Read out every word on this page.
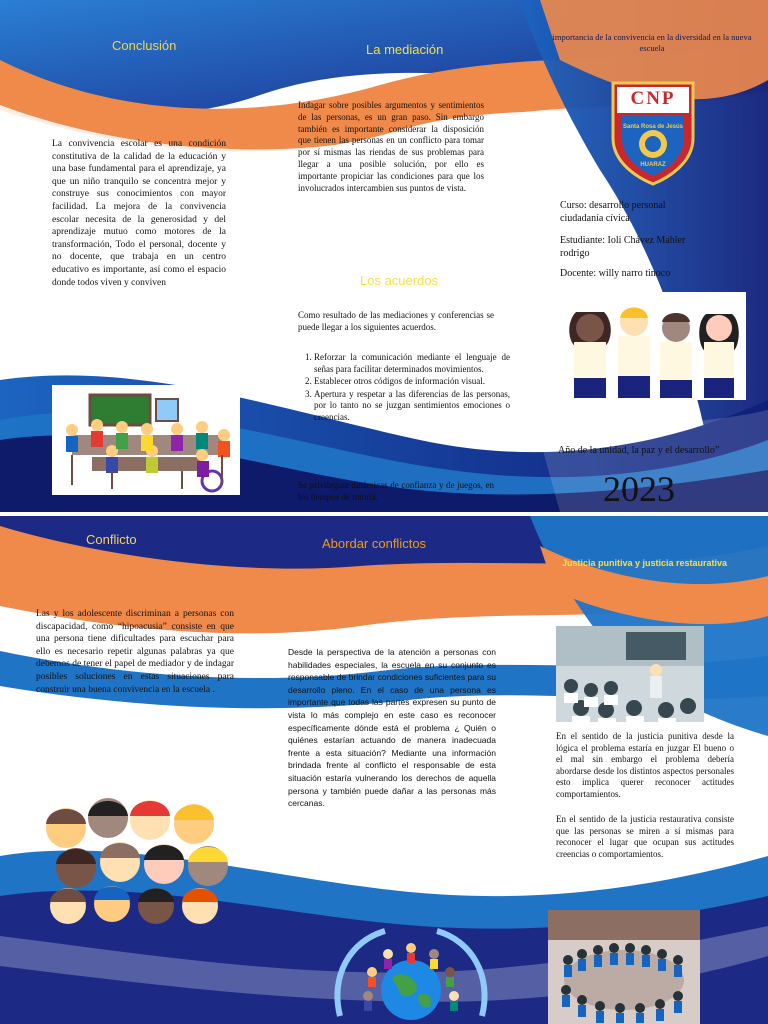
Conclusión
La convivencia escolar es una condición constitutiva de la calidad de la educación y una base fundamental para el aprendizaje, ya que un niño tranquilo se concentra mejor y construye sus conocimientos con mayor facilidad. La mejora de la convivencia escolar necesita de la generosidad y del aprendizaje mutuo como motores de la transformación, Todo el personal, docente y no docente, que trabaja en un centro educativo es importante, así como el espacio donde todos viven y conviven
La mediación
Indagar sobre posibles argumentos y sentimientos de las personas, es un gran paso. Sin embargo también es importante considerar la disposición que tienen las personas en un conflicto para tomar por sí mismas las riendas de sus problemas para llegar a una posible solución, por ello es importante propiciar las condiciones para que los involucrados intercambien sus puntos de vista.
Los acuerdos
Como resultado de las mediaciones y conferencias se puede llegar a los siguientes acuerdos.
1. Reforzar la comunicación mediante el lenguaje de señas para facilitar determinados movimientos.
2. Establecer otros códigos de información visual.
3. Apertura y respetar a las diferencias de las personas, por lo tanto no se juzgan sentimientos emociones o creencias.
Se privilegian dinámicas de confianza y de juegos, en los tiempos de tutoría.
importancia de la convivencia en la diversidad en la nueva escuela
CNP
Santa Rosa de Jesús
HUARAZ
Curso: desarrollo personal ciudadanía cívica
Estudiante: Ioli Chávez Mahler rodrigo
Docente: willy narro tinoco
Año de la unidad, la paz y el desarrollo”
2023
Conflicto
Las y los adolescente discriminan a personas con discapacidad, como “hipoacusia” consiste en que una persona tiene dificultades para escuchar para ello es necesario repetir algunas palabras ya que debemos de tener el papel de mediador y de indagar posibles soluciones en estas situaciones para construir una buena convivencia en la escuela .
Abordar conflictos
Desde la perspectiva de la atención a personas con habilidades especiales, la escuela en su conjunto es responsable de brindar condiciones suficientes para su desarrollo pleno. En el caso de una persona es importante que todas las partes expresen su punto de vista lo más complejo en este caso es reconocer específicamente dónde está el problema ¿ Quién o quiénes estarían actuando de manera inadecuada frente a esta situación? Mediante una información brindada frente al conflicto el responsable de esta situación estaría vulnerando los derechos de aquella persona y también puede dañar a las personas más cercanas.
Justicia punitiva y justicia restaurativa
En el sentido de la justicia punitiva desde la lógica el problema estaría en juzgar El bueno o el mal sin embargo el problema debería abordarse desde los distintos aspectos personales esto implica querer reconocer actitudes comportamientos.
En el sentido de la justicia restaurativa consiste que las personas se miren a sí mismas para reconocer el lugar que ocupan sus actitudes creencias o comportamientos.
